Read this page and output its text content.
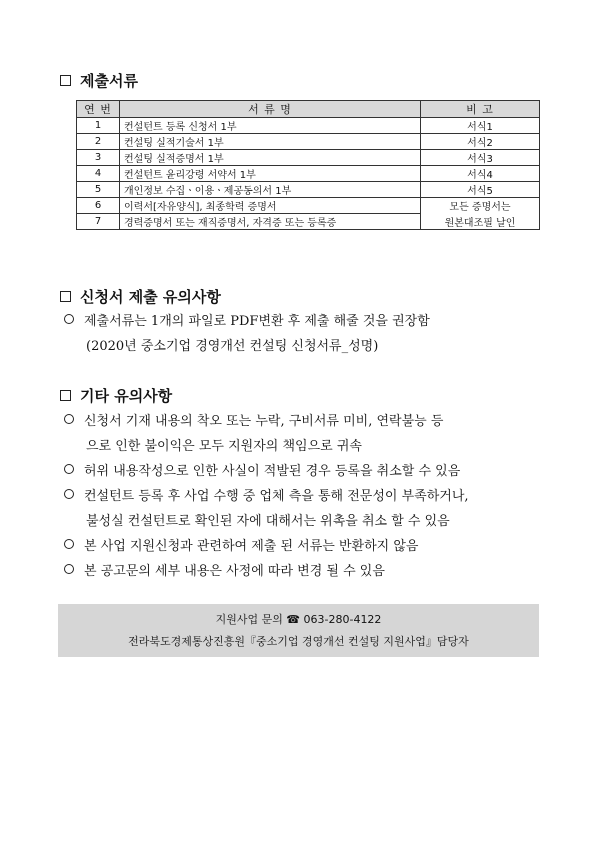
제출서류
연 번	서 류 명	비 고
1	컨설턴트 등록 신청서 1부	서식1
2	컨설팅 실적기술서 1부	서식2
3	컨설팅 실적증명서 1부	서식3
4	컨설턴트 윤리강령 서약서 1부	서식4
5	개인정보 수집ㆍ이용ㆍ제공동의서 1부	서식5
6	이력서[자유양식], 최종학력 증명서	모든 증명서는
7	경력증명서 또는 재직증명서, 자격증 또는 등록증	원본대조필 날인
신청서 제출 유의사항
제출서류는 1개의 파일로 PDF변환 후 제출 해줄 것을 권장함
(2020년 중소기업 경영개선 컨설팅 신청서류_성명)
기타 유의사항
신청서 기재 내용의 착오 또는 누락, 구비서류 미비, 연락불능 등
으로 인한 불이익은 모두 지원자의 책임으로 귀속
허위 내용작성으로 인한 사실이 적발된 경우 등록을 취소할 수 있음
컨설턴트 등록 후 사업 수행 중 업체 측을 통해 전문성이 부족하거나,
불성실 컨설턴트로 확인된 자에 대해서는 위촉을 취소 할 수 있음
본 사업 지원신청과 관련하여 제출 된 서류는 반환하지 않음
본 공고문의 세부 내용은 사정에 따라 변경 될 수 있음
지원사업 문의 ☎ 063-280-4122
전라북도경제통상진흥원『중소기업 경영개선 컨설팅 지원사업』담당자
